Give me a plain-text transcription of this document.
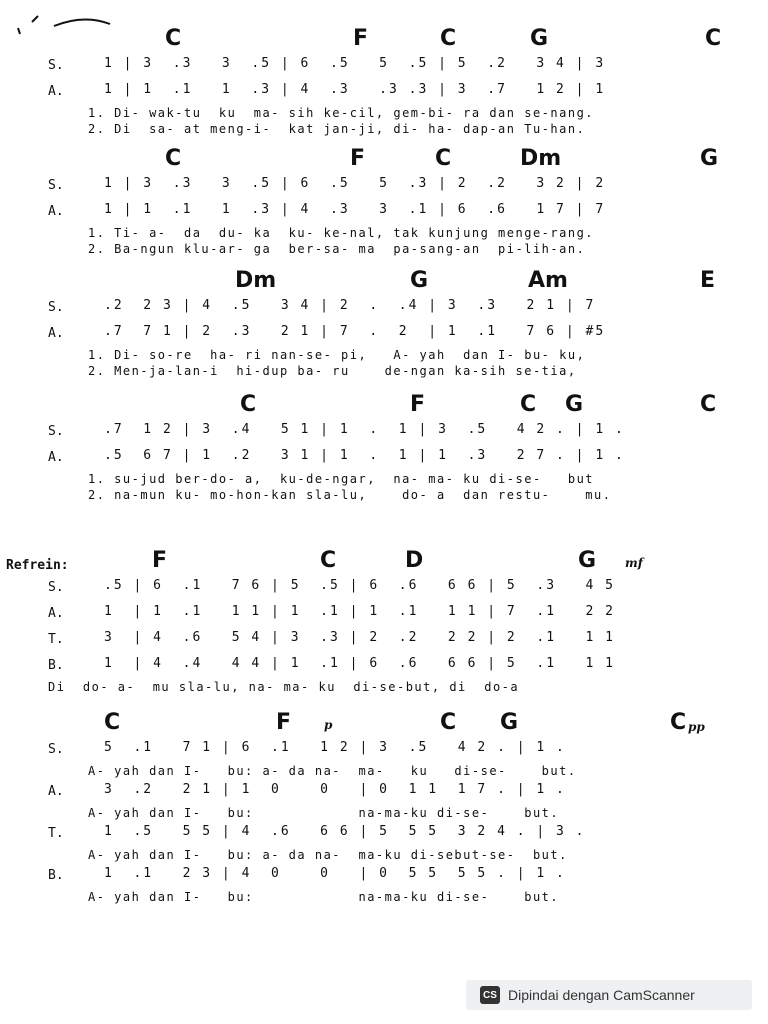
C	F	C	G	C
S.	1 | 3  .3   3  .5 | 6  .5   5  .5 | 5  .2   3 4 | 3
A.	1 | 1  .1   1  .3 | 4  .3   .3 .3 | 3  .7   1 2 | 1
1. Di- wak-tu  ku  ma- sih ke-cil, gem-bi- ra dan se-nang.
2. Di  sa- at meng-i-  kat jan-ji, di- ha- dap-an Tu-han.
C	F	C	Dm	G
S.	1 | 3  .3   3  .5 | 6  .5   5  .3 | 2  .2   3 2 | 2
A.	1 | 1  .1   1  .3 | 4  .3   3  .1 | 6  .6   1 7 | 7
1. Ti- a-  da  du- ka  ku- ke-nal, tak kunjung menge-rang.
2. Ba-ngun klu-ar- ga  ber-sa- ma  pa-sang-an  pi-lih-an.
Dm	G	Am	E
S.	.2  2 3 | 4  .5   3 4 | 2  .  .4 | 3  .3   2 1 | 7
A.	.7  7 1 | 2  .3   2 1 | 7  .  2  | 1  .1   7 6 | #5
1. Di- so-re  ha- ri nan-se- pi,   A- yah  dan I- bu- ku,
2. Men-ja-lan-i  hi-dup ba- ru    de-ngan ka-sih se-tia,
C	F	C G	C
S.	.7  1 2 | 3  .4   5 1 | 1  .  1 | 3  .5   4 2 . | 1 .
A.	.5  6 7 | 1  .2   3 1 | 1  .  1 | 1  .3   2 7 . | 1 .
1. su-jud ber-do- a,  ku-de-ngar,  na- ma- ku di-se-   but
2. na-mun ku- mo-hon-kan sla-lu,    do- a  dan restu-    mu.
Refrein:	F	C	D	G mf
S.	.5 | 6  .1   7 6 | 5  .5 | 6  .6   6 6 | 5  .3   4 5
A.	1  | 1  .1   1 1 | 1  .1 | 1  .1   1 1 | 7  .1   2 2
T.	3  | 4  .6   5 4 | 3  .3 | 2  .2   2 2 | 2  .1   1 1
B.	1  | 4  .4   4 4 | 1  .1 | 6  .6   6 6 | 5  .1   1 1
Di  do- a-  mu sla-lu, na- ma- ku  di-se-but, di  do-a
C	F	p	C G	C pp
S.	5  .1   7 1 | 6  .1   1 2 | 3  .5   4 2 . | 1 .
A- yah dan I-   bu: a- da na-  ma-   ku   di-se-    but.
A.	3  .2   2 1 | 1  0    0   | 0  1 1  1 7 . | 1 .
A- yah dan I-   bu:            na-ma-ku di-se-    but.
T.	1  .5   5 5 | 4  .6   6 6 | 5  5 5  3 2 4 . | 3 .
A- yah dan I-   bu: a- da na-  ma-ku di-sebut-se-  but.
B.	1  .1   2 3 | 4  0    0   | 0  5 5  5 5 . | 1 .
A- yah dan I-   bu:            na-ma-ku di-se-    but.
CS Dipindai dengan CamScanner
